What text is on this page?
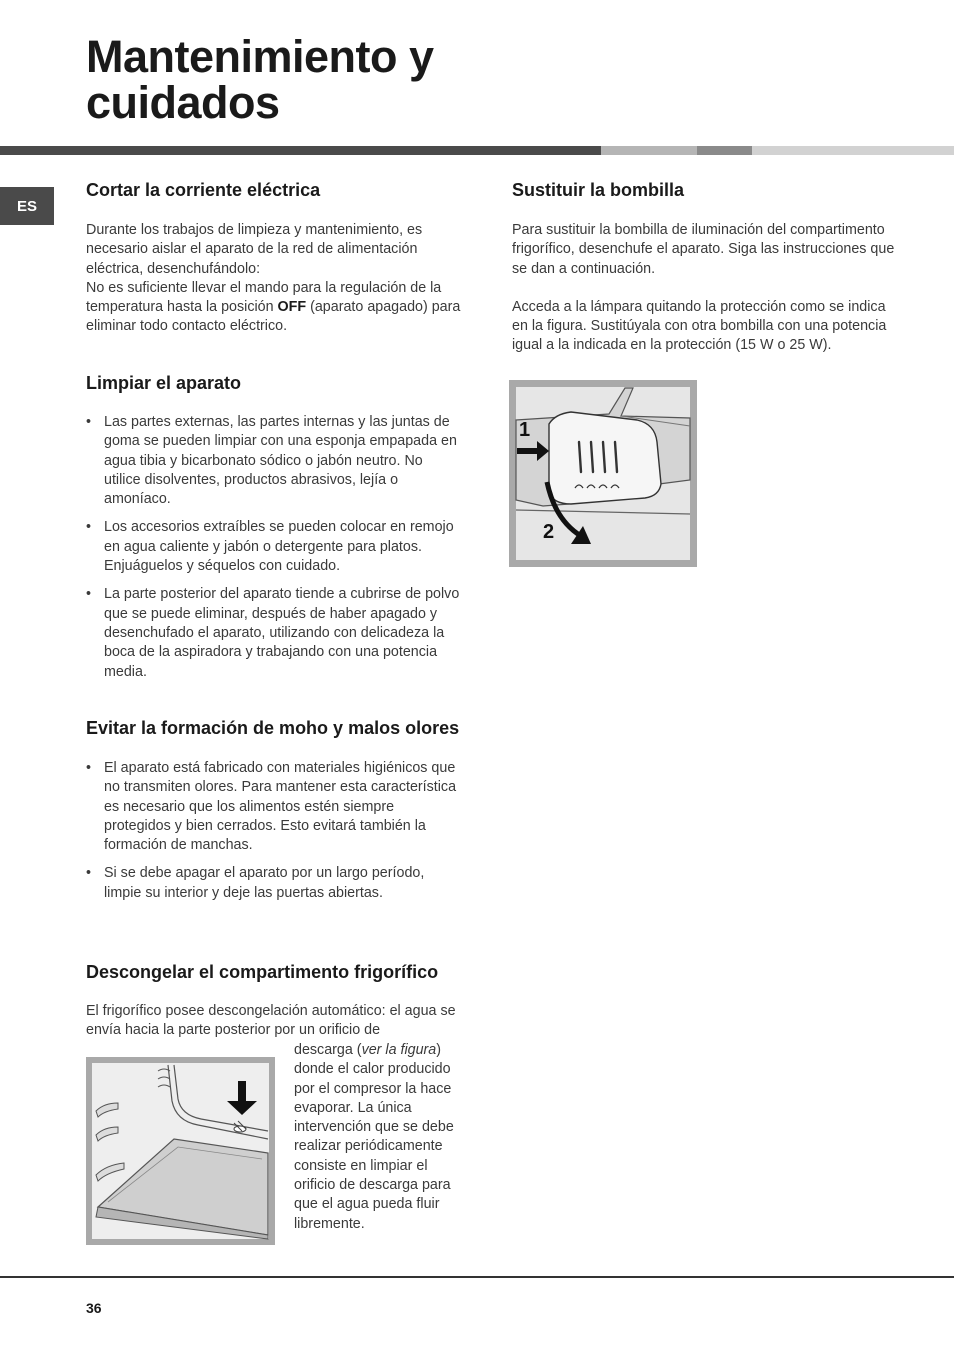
Mantenimiento y
cuidados
ES
Cortar la corriente eléctrica

Durante los trabajos de limpieza y mantenimiento, es necesario aislar el aparato de la red de alimentación eléctrica, desenchufándolo:

No es suficiente llevar el mando para la regulación de la temperatura hasta la posición OFF (aparato apagado) para eliminar todo contacto eléctrico.

Limpiar el aparato
• Las partes externas, las partes internas y las juntas de goma se pueden limpiar con una esponja empapada en agua tibia y bicarbonato sódico o jabón neutro. No utilice disolventes, productos abrasivos, lejía o amoníaco.
• Los accesorios extraíbles se pueden colocar en remojo en agua caliente y jabón o detergente para platos. Enjuáguelos y séquelos con cuidado.
• La parte posterior del aparato tiende a cubrirse de polvo que se puede eliminar, después de haber apagado y desenchufado el aparato, utilizando con delicadeza la boca de la aspiradora y trabajando con una potencia media.
Evitar la formación de moho y malos olores
• El aparato está fabricado con materiales higiénicos que no transmiten olores. Para mantener esta característica es necesario que los alimentos estén siempre protegidos y bien cerrados. Esto evitará también la formación de manchas.
• Si se debe apagar el aparato por un largo período, limpie su interior y deje las puertas abiertas.
Descongelar el compartimento frigorífico

El frigorífico posee descongelación automático: el agua se envía hacia la parte posterior por un orificio de

descarga (ver la figura) donde el calor producido por el compresor la hace evaporar. La única intervención que se debe realizar periódicamente consiste en limpiar el orificio de descarga para que el agua pueda fluir libremente.

Sustituir la bombilla

Para sustituir la bombilla de iluminación del compartimento frigorífico, desenchufe el aparato. Siga las instrucciones que se dan a continuación.

Acceda a la lámpara quitando la protección como se indica en la figura. Sustitúyala con otra bombilla con una potencia igual a la indicada en la protección (15 W o 25 W).

1
2
36
